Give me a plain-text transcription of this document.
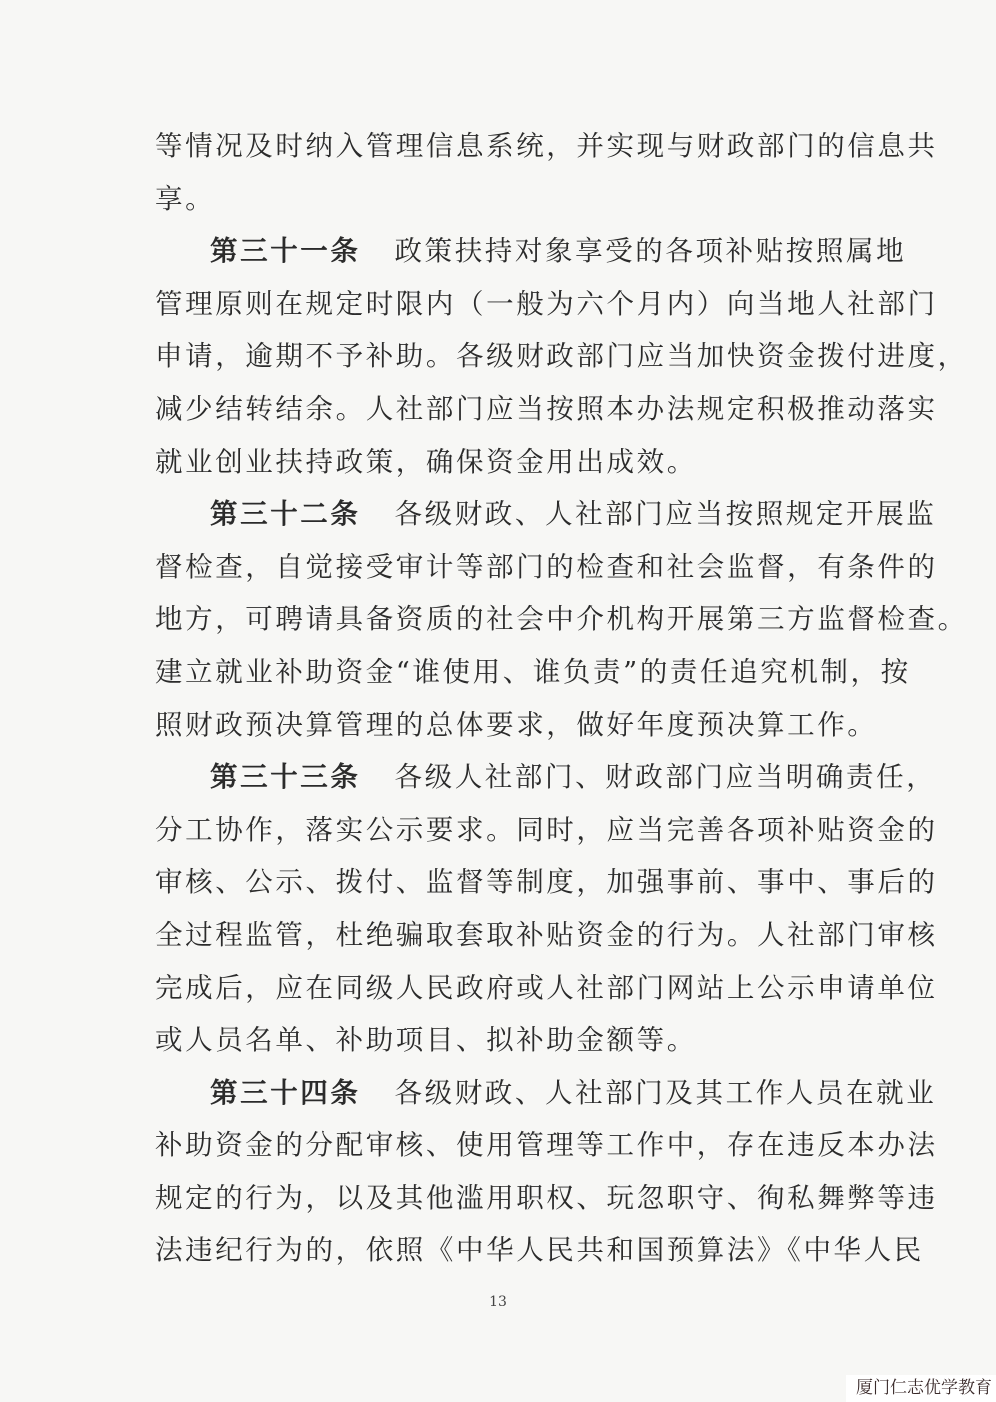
等情况及时纳入管理信息系统，并实现与财政部门的信息共
享。
第三十一条 政策扶持对象享受的各项补贴按照属地
管理原则在规定时限内（一般为六个月内）向当地人社部门
申请，逾期不予补助。各级财政部门应当加快资金拨付进度，
减少结转结余。人社部门应当按照本办法规定积极推动落实
就业创业扶持政策，确保资金用出成效。
第三十二条 各级财政、人社部门应当按照规定开展监
督检查，自觉接受审计等部门的检查和社会监督，有条件的
地方，可聘请具备资质的社会中介机构开展第三方监督检查。
建立就业补助资金“谁使用、谁负责”的责任追究机制，按
照财政预决算管理的总体要求，做好年度预决算工作。
第三十三条 各级人社部门、财政部门应当明确责任，
分工协作，落实公示要求。同时，应当完善各项补贴资金的
审核、公示、拨付、监督等制度，加强事前、事中、事后的
全过程监管，杜绝骗取套取补贴资金的行为。人社部门审核
完成后，应在同级人民政府或人社部门网站上公示申请单位
或人员名单、补助项目、拟补助金额等。
第三十四条 各级财政、人社部门及其工作人员在就业
补助资金的分配审核、使用管理等工作中，存在违反本办法
规定的行为，以及其他滥用职权、玩忽职守、徇私舞弊等违
法违纪行为的，依照《中华人民共和国预算法》《中华人民
13
厦门仁志优学教育
